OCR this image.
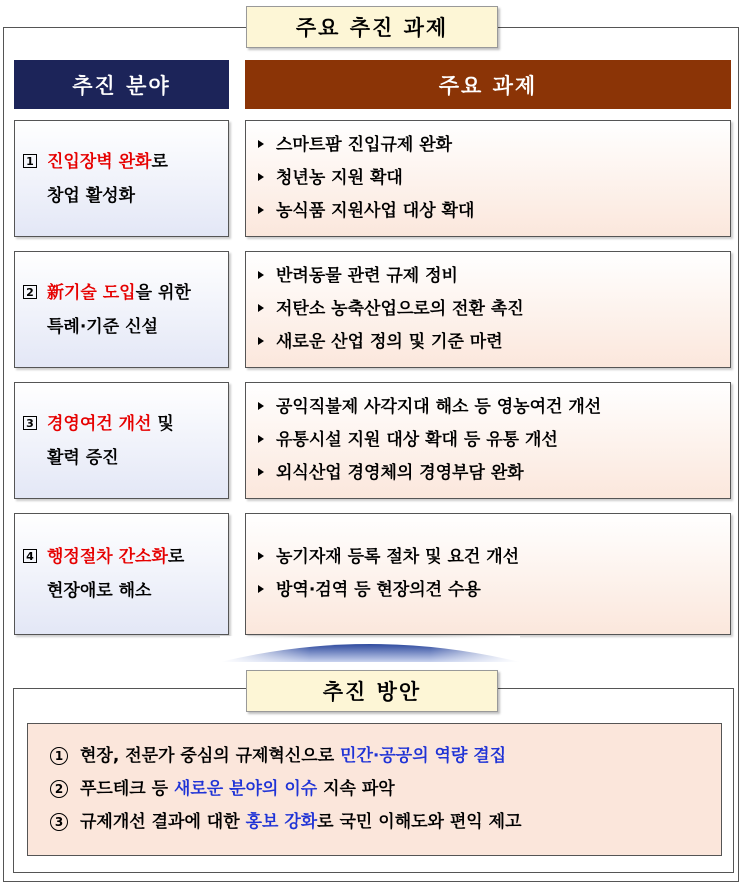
주요 추진 과제
추진 분야	주요 과제
1 진입장벽 완화로
창업 활성화
스마트팜 진입규제 완화
청년농 지원 확대
농식품 지원사업 대상 확대
2 新기술 도입을 위한
특례·기준 신설
반려동물 관련 규제 정비
저탄소 농축산업으로의 전환 촉진
새로운 산업 정의 및 기준 마련
3 경영여건 개선 및
활력 증진
공익직불제 사각지대 해소 등 영농여건 개선
유통시설 지원 대상 확대 등 유통 개선
외식산업 경영체의 경영부담 완화
4 행정절차 간소화로
현장애로 해소
농기자재 등록 절차 및 요건 개선
방역·검역 등 현장의견 수용
추진 방안
1 현장, 전문가 중심의 규제혁신으로 민간·공공의 역량 결집
2 푸드테크 등 새로운 분야의 이슈 지속 파악
3 규제개선 결과에 대한 홍보 강화로 국민 이해도와 편익 제고
